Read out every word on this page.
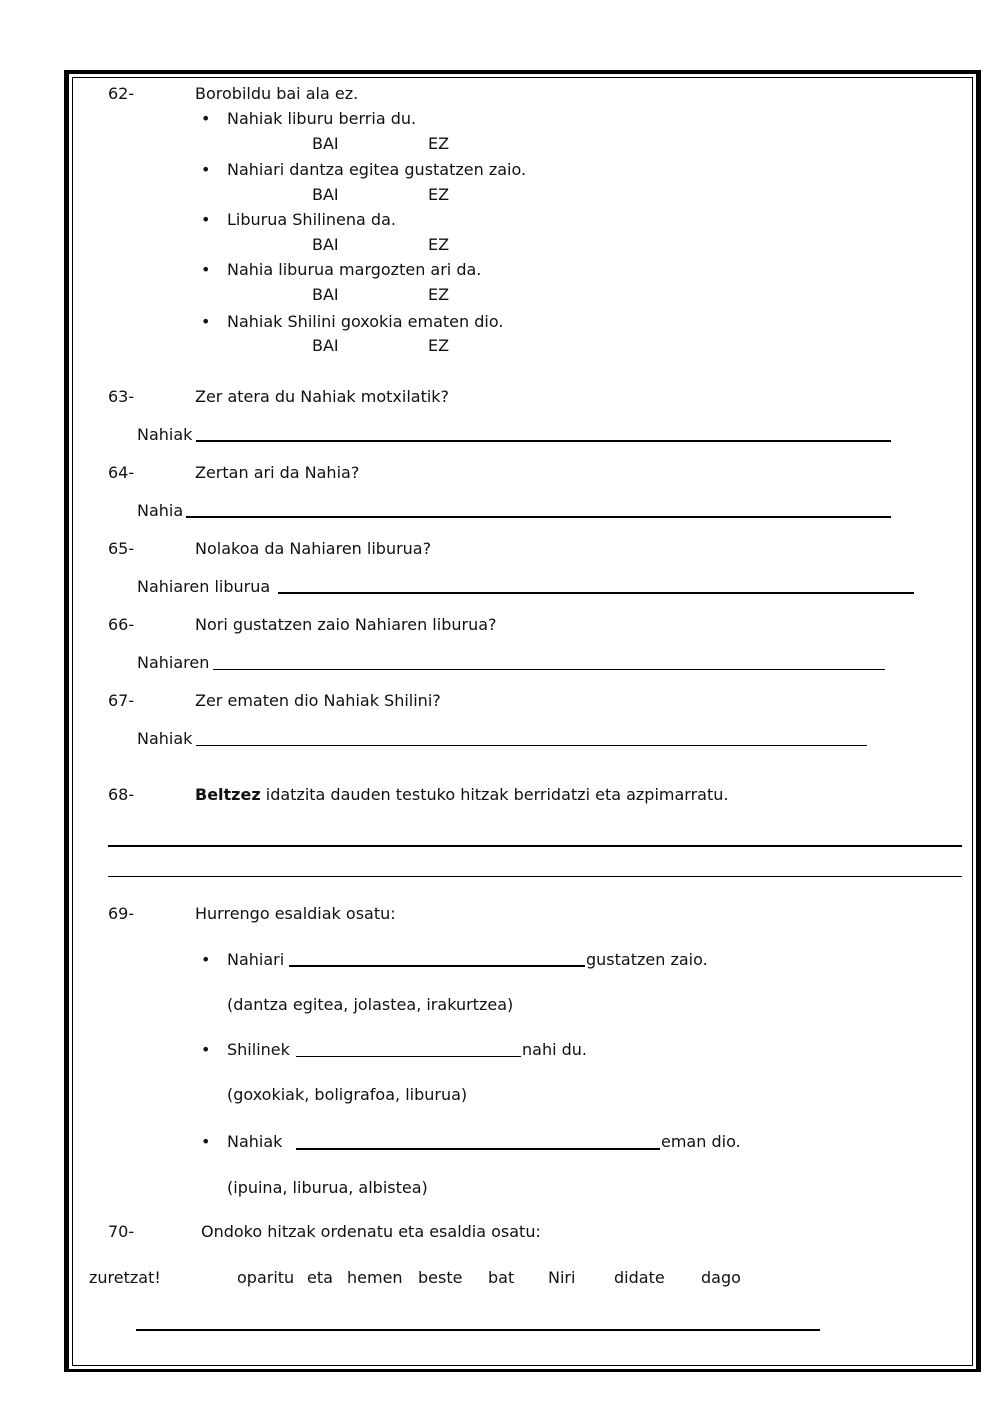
62-	Borobildu bai ala ez.
• Nahiak liburu berria du.
BAI	EZ
• Nahiari dantza egitea gustatzen zaio.
BAI	EZ
• Liburua Shilinena da.
BAI	EZ
• Nahia liburua margozten ari da.
BAI	EZ
• Nahiak Shilini goxokia ematen dio.
BAI	EZ
63-	Zer atera du Nahiak motxilatik?
Nahiak
64-	Zertan ari da Nahia?
Nahia
65-	Nolakoa da Nahiaren liburua?
Nahiaren liburua
66-	Nori gustatzen zaio Nahiaren liburua?
Nahiaren
67-	Zer ematen dio Nahiak Shilini?
Nahiak
68-	Beltzez idatzita dauden testuko hitzak berridatzi eta azpimarratu.
69-	Hurrengo esaldiak osatu:
• Nahiari	gustatzen zaio.
(dantza egitea, jolastea, irakurtzea)
• Shilinek	nahi du.
(goxokiak, boligrafoa, liburua)
• Nahiak	eman dio.
(ipuina, liburua, albistea)
70-	Ondoko hitzak ordenatu eta esaldia osatu:
zuretzat!	oparitu eta hemen beste bat Niri didate dago
